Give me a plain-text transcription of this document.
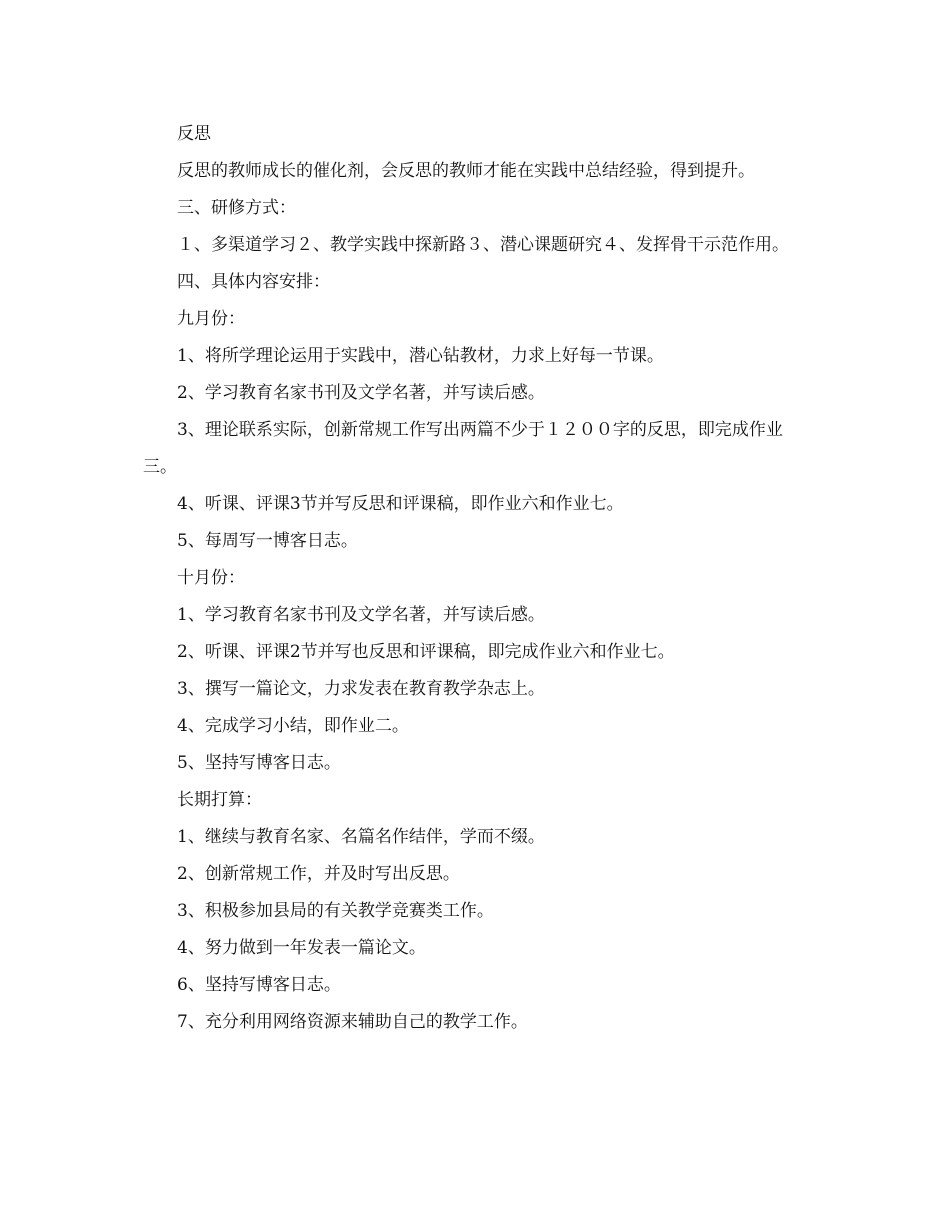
反思

反思的教师成长的催化剂，会反思的教师才能在实践中总结经验，得到提升。

三、研修方式：

１、多渠道学习２、教学实践中探新路３、潜心课题研究４、发挥骨干示范作用。

四、具体内容安排：

九月份：

1、将所学理论运用于实践中，潜心钻教材，力求上好每一节课。

2、学习教育名家书刊及文学名著，并写读后感。

3、理论联系实际，创新常规工作写出两篇不少于１２００字的反思，即完成作业三。

4、听课、评课3节并写反思和评课稿，即作业六和作业七。

5、每周写一博客日志。

十月份：

1、学习教育名家书刊及文学名著，并写读后感。

2、听课、评课2节并写也反思和评课稿，即完成作业六和作业七。

3、撰写一篇论文，力求发表在教育教学杂志上。

4、完成学习小结，即作业二。

5、坚持写博客日志。

长期打算：

1、继续与教育名家、名篇名作结伴，学而不缀。

2、创新常规工作，并及时写出反思。

3、积极参加县局的有关教学竞赛类工作。

4、努力做到一年发表一篇论文。

6、坚持写博客日志。

7、充分利用网络资源来辅助自己的教学工作。
